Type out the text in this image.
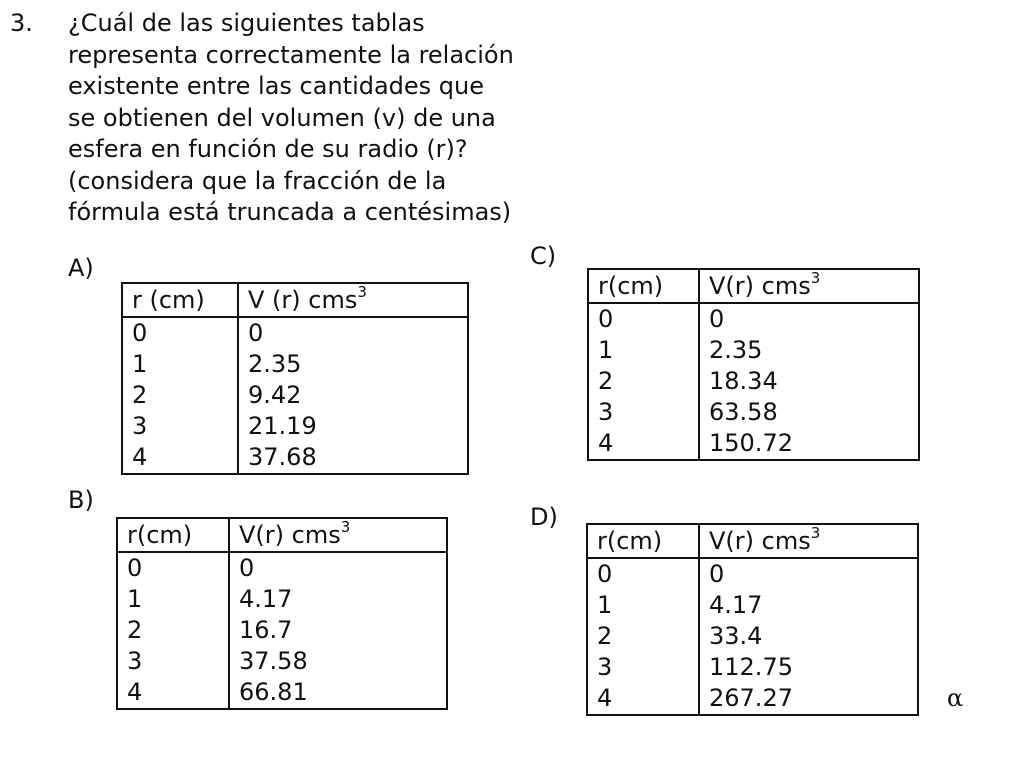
3. ¿Cuál de las siguientes tablas
representa correctamente la relación
existente entre las cantidades que
se obtienen del volumen (v) de una
esfera en función de su radio (r)?
(considera que la fracción de la
fórmula está truncada a centésimas)
A)
r (cm)	V (r) cms$^3$
0	0
1	2.35
2	9.42
3	21.19
4	37.68
B)
r(cm)	V(r) cms$^3$
0	0
1	4.17
2	16.7
3	37.58
4	66.81
C)
r(cm)	V(r) cms$^3$
0	0
1	2.35
2	18.34
3	63.58
4	150.72
D)
r(cm)	V(r) cms$^3$
0	0
1	4.17
2	33.4
3	112.75
4	267.27	α
